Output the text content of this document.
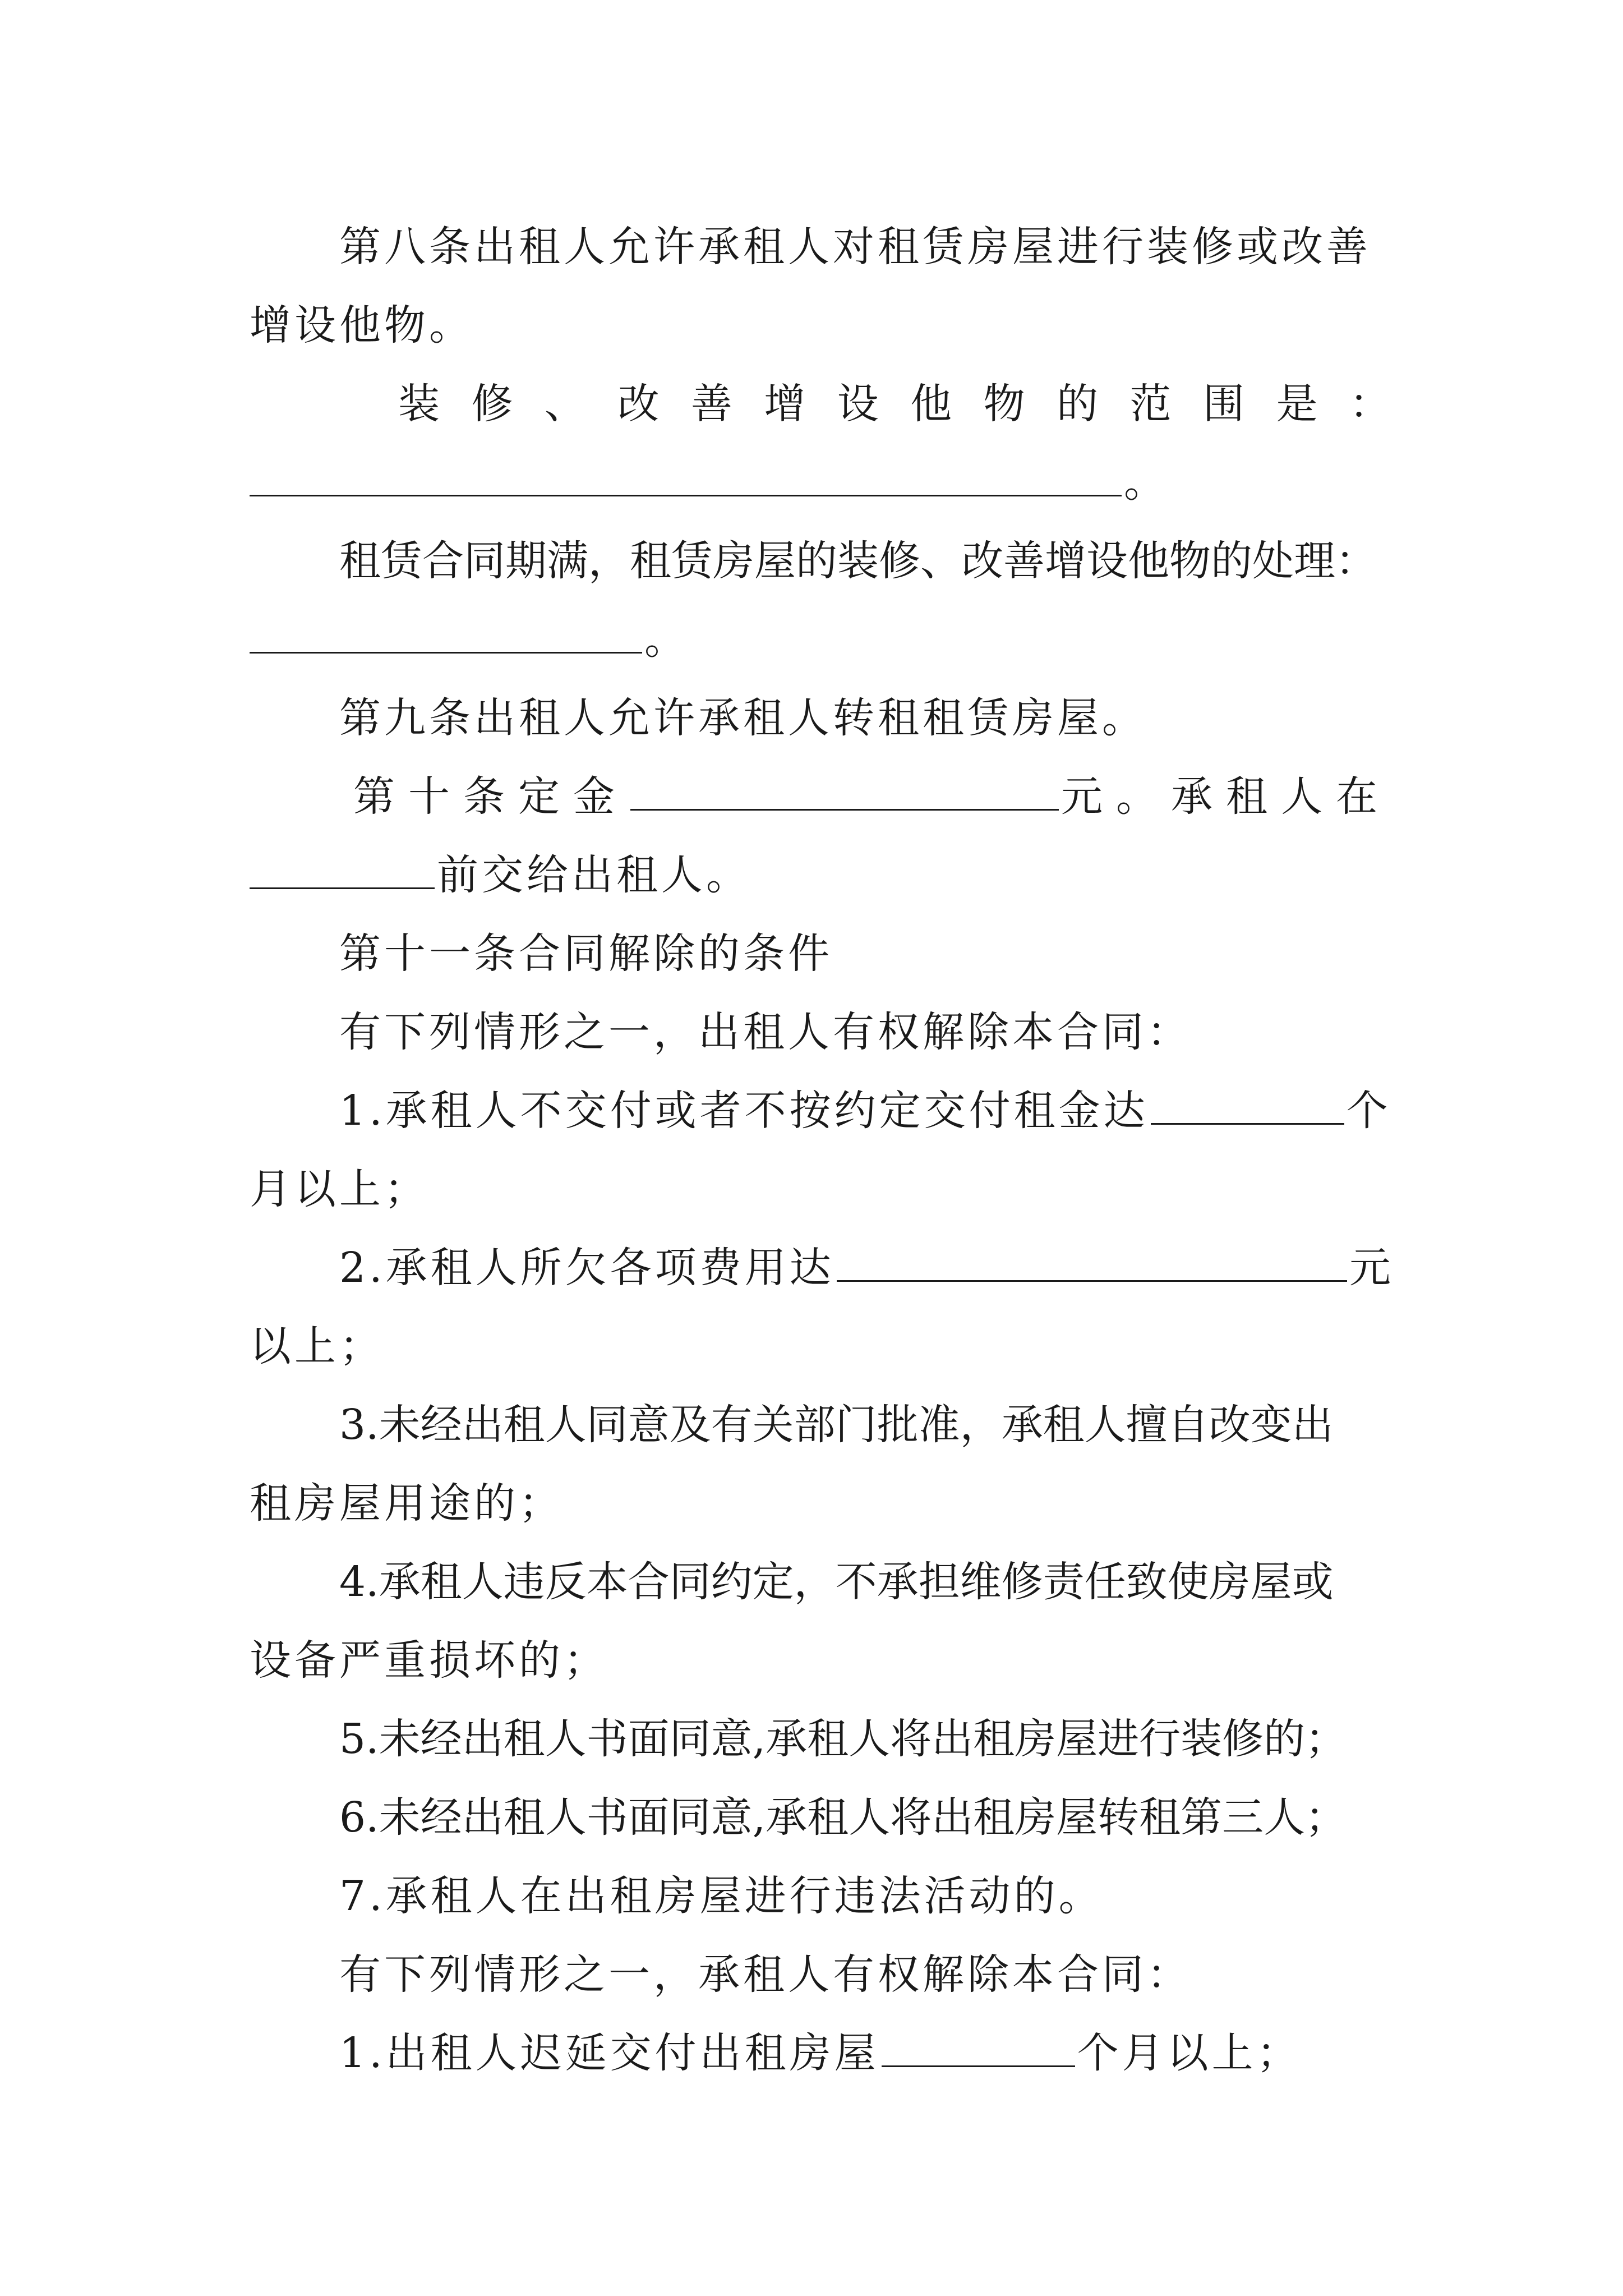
第八条出租人允许承租人对租赁房屋进行装修或改善
增设他物。
装 修 、 改 善 增 设 他 物 的 范 围 是 ：
。
租赁合同期满，租赁房屋的装修、改善增设他物的处理：
。
第九条出租人允许承租人转租租赁房屋。
第十条定金	元。承租人在
前交给出租人。
第十一条合同解除的条件
有下列情形之一，出租人有权解除本合同：
1.承租人不交付或者不按约定交付租金达	个
月以上；
2.承租人所欠各项费用达	元
以上；
3.未经出租人同意及有关部门批准，承租人擅自改变出
租房屋用途的；
4.承租人违反本合同约定，不承担维修责任致使房屋或
设备严重损坏的；
5.未经出租人书面同意,承租人将出租房屋进行装修的；
6.未经出租人书面同意,承租人将出租房屋转租第三人；
7.承租人在出租房屋进行违法活动的。
有下列情形之一，承租人有权解除本合同：
1.出租人迟延交付出租房屋	个月以上；
